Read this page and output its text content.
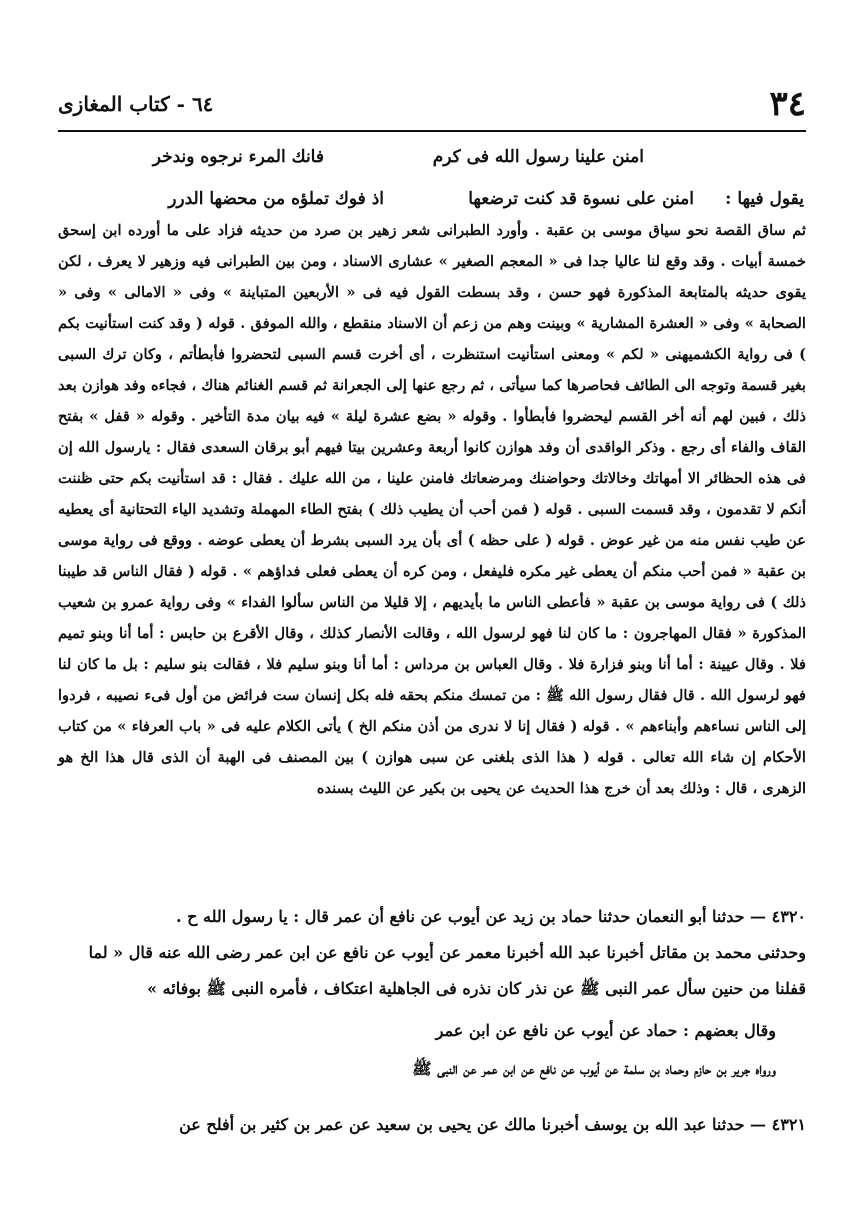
٣٤
٦٤ - كتاب المغازى
امنن علينا رسول الله فى كرم
فانك المرء نرجوه وندخر
يقول فيها :
امنن على نسوة قد كنت ترضعها
اذ فوك تملؤه من محضها الدرر

ثم ساق القصة نحو سياق موسى بن عقبة . وأورد الطبرانى شعر زهير بن صرد من حديثه فزاد على ما أورده ابن إسحق خمسة أبيات . وقد وقع لنا عاليا جدا فى « المعجم الصغير » عشارى الاسناد ، ومن بين الطبرانى فيه وزهير لا يعرف ، لكن يقوى حديثه بالمتابعة المذكورة فهو حسن ، وقد بسطت القول فيه فى « الأربعين المتباينة » وفى « الامالى » وفى « الصحابة » وفى « العشرة المشارية » وبينت وهم من زعم أن الاسناد منقطع ، والله الموفق . قوله ( وقد كنت استأنيت بكم ) فى رواية الكشميهنى « لكم » ومعنى استأنيت استنظرت ، أى أخرت قسم السبى لتحضروا فأبطأتم ، وكان ترك السبى بغير قسمة وتوجه الى الطائف فحاصرها كما سيأتى ، ثم رجع عنها إلى الجعرانة ثم قسم الغنائم هناك ، فجاءه وفد هوازن بعد ذلك ، فبين لهم أنه أخر القسم ليحضروا فأبطأوا . وقوله « بضع عشرة ليلة » فيه بيان مدة التأخير . وقوله « قفل » بفتح القاف والفاء أى رجع . وذكر الواقدى أن وفد هوازن كانوا أربعة وعشرين بيتا فيهم أبو برقان السعدى فقال : يارسول الله إن فى هذه الحظائر الا أمهاتك وخالاتك وحواضنك ومرضعاتك فامنن علينا ، من الله عليك . فقال : قد استأنيت بكم حتى ظننت أنكم لا تقدمون ، وقد قسمت السبى . قوله ( فمن أحب أن يطيب ذلك ) بفتح الطاء المهملة وتشديد الياء التحتانية أى يعطيه عن طيب نفس منه من غير عوض . قوله ( على حظه ) أى بأن يرد السبى بشرط أن يعطى عوضه . ووقع فى رواية موسى بن عقبة « فمن أحب منكم أن يعطى غير مكره فليفعل ، ومن كره أن يعطى فعلى فداؤهم » . قوله ( فقال الناس قد طيبنا ذلك ) فى رواية موسى بن عقبة « فأعطى الناس ما بأيديهم ، إلا قليلا من الناس سألوا الفداء » وفى رواية عمرو بن شعيب المذكورة « فقال المهاجرون : ما كان لنا فهو لرسول الله ، وقالت الأنصار كذلك ، وقال الأقرع بن حابس : أما أنا وبنو تميم فلا . وقال عيينة : أما أنا وبنو فزارة فلا . وقال العباس بن مرداس : أما أنا وبنو سليم فلا ، فقالت بنو سليم : بل ما كان لنا فهو لرسول الله . قال فقال رسول الله ﷺ : من تمسك منكم بحقه فله بكل إنسان ست فرائض من أول فىء نصيبه ، فردوا إلى الناس نساءهم وأبناءهم » . قوله ( فقال إنا لا ندرى من أذن منكم الخ ) يأتى الكلام عليه فى « باب العرفاء » من كتاب الأحكام إن شاء الله تعالى . قوله ( هذا الذى بلغنى عن سبى هوازن ) بين المصنف فى الهبة أن الذى قال هذا الخ هو الزهرى ، قال : وذلك بعد أن خرج هذا الحديث عن يحيى بن بكير عن الليث بسنده

٤٣٢٠ — حدثنا أبو النعمان حدثنا حماد بن زيد عن أيوب عن نافع أن عمر قال : يا رسول الله ح .
وحدثنى محمد بن مقاتل أخبرنا عبد الله أخبرنا معمر عن أيوب عن نافع عن ابن عمر رضى الله عنه قال « لما
قفلنا من حنين سأل عمر النبى ﷺ عن نذر كان نذره فى الجاهلية اعتكاف ، فأمره النبى ﷺ بوفائه »
وقال بعضهم : حماد عن أيوب عن نافع عن ابن عمر
ورواه جرير بن حازم وحماد بن سلمة عن أيوب عن نافع عن ابن عمر عن النبى ﷺ
٤٣٢١ — حدثنا عبد الله بن يوسف أخبرنا مالك عن يحيى بن سعيد عن عمر بن كثير بن أفلح عن
